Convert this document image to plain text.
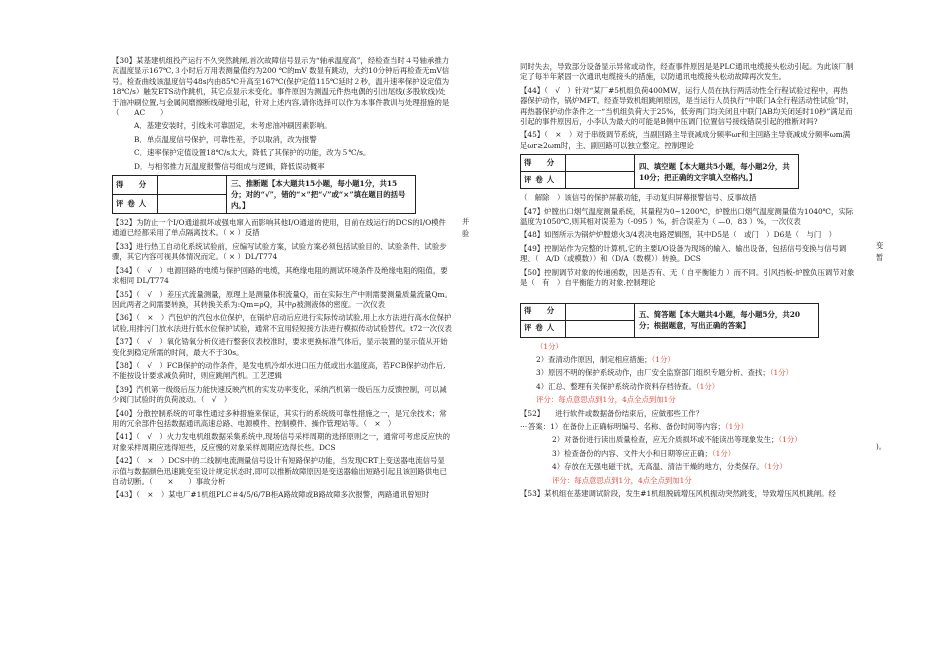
【30】某基建机组投产运行不久突然跳闸,首次故障信号显示为“轴承温度高”，经检查当时４号轴承推力瓦温度显示167℃,３小时后万用表测量值约为200 ℃的mV 数显有跳动，大约10分钟后再检查无mV信号。检查曲线该温度信号48s内由85℃升高至167℃(保护定值115℃延时２秒，温升速率保护设定值为18℃/s）触发ETS动作跳机，其它点显示未变化。事件原因为测温元件热电偶的引出尾线(多股软线)处于油冲刷位置,与金属间磨擦断线碰地引起，针对上述内容,请你选择可以作为本事件教训与处理措施的是（　　AC　　）

A．基建安装时，引线未可靠固定，未考虑油冲刷因素影响。

B．单点温度信号保护，可靠性差，予以取消，改为报警

C．速率保护定值设置18℃/s太大，降低了其保护的功能，改为５℃/s。

D．与相邻推力瓦温度报警信号组成与逻辑，降低误动概率

得　分		三、推断题【本大题共15小题，每小题1分，共15分；对的“√”，错的“×”把“√”或“×”填在题目的括号内。】
评卷人		

【32】为防止一个I/O通道损坏或强电窜入而影响其他I/O通道的使用，目前在线运行的DCS的I/O模件通道已经都采用了单点隔离技术。（ × ）反措

【33】进行热工自动化系统试验前，应编写试验方案，试验方案必须包括试验目的、试验条件、试验步骤，其它内容可视具体情况而定。（ × ）DL/T774

【34】（　√　）电源回路的电缆与保护回路的电缆，其绝缘电阻的测试环境条件及绝缘电阻的阻值，要求相同 DL/T774

【35】（　√　）差压式流量测量，原理上是测量体积流量Q，而在实际生产中则需要测量质量流量Qm。因此两者之间需要转换，其转换关系为:Qm=ρQ，其中ρ被测液体的密度。一次仪表

【36】（　×　）汽包炉的汽包水位保护，在锅炉启动后应进行实际传动试验,用上水方法进行高水位保护试验,用排污门放水法进行低水位保护试验，通常不宜用轻短接方法进行模拟传动试验替代。t72一次仪表

【37】（　√　）氧化锆氧分析仪进行整套仪表校准时，要求更换标准气体后，显示装置的显示值从开始变化到稳定所需的时间，最大不于30s。

【38】（　√　）FCB保护的动作条件，是发电机冷却水进口压力低或出水温度高，若FCB保护动作后,不能按设计要求减负荷时，则应跳闸汽机。工艺逻辑

【39】汽机第一级级后压力能快速反映汽机的实发功率变化，采纳汽机第一级后压力反馈控制，可以减少阀门试验时的负荷波动。（　√　）

【40】分散控制系统的可靠性通过多种措施来保证，其实行的系统级可靠性措施之一，是冗余技术；常用的冗余部件包括数据通讯高速总路、电源模件、控制模件、操作管理站等。（　×　）

【41】（　√　）火力发电机组数据采集系统中,现场信号采样周期的选择原则之一，通常可考虑反应快的对象采样周期应选得短些，反应慢的对象采样周期应选得长些。DCS

【42】（　×　）DCS中的二线制电流测量信号设计有短路保护功能，当发现CRT上变送器电流信号显示值与数据颜色迅速跳变至设计规定状态时,即可以推断故障原因是变送器输出短路引起且该回路供电已自动切断。（　　×　　）事故分析

【43】（　×　）某电厂#1机组PLC＃4/5/6/7B柜A路故障或B路故障多次报警，两路通讯曾短时

并 验

同时失去，导致部分设备显示异常或动作，经查事件原因是是PLC通讯电缆接头松动引起。为此该厂制定了每半年紧固一次通讯电缆接头的措施，以防通讯电缆接头松动故障再次发生。

【44】（　√　）针对“某厂#5机组负荷400MW，运行人员在执行两活动性全行程试验过程中，再热器保护动作，锅炉MFT。经查导致机组跳闸原因，是当运行人员执行“中联门A全行程活动性试验”时，再热器保护动作条件之一“当机组负荷大于25%，低旁两门均关闭且中联门AB均关闭延时10秒”满足而引起的事件原因后，小李认为最大的可能是B侧中压调门位置信号接线错误引起的推断对吗?

【45】（　×　）对于串级调节系统，当副回路主导衰减成分频率ωr和主回路主导衰减成分频率ωm满足ωr≥2ωm时，主、副回路可以独立整定。控制理论

得　分		四、填空题【本大题共5小题，每小题2分，共10分；把正确的文字填入空格内。】
评卷人		

（　解除　）该信号的保护屏蔽功能，手动复归屏幕报警信号、反事故措

【47】炉膛出口烟气温度测量系统，其量程为0~1200℃，炉膛出口烟气温度测量值为1040℃，实际温度为1050℃,则其相对误差为（-095 ）%，折合误差为（ —0．83 ）%，一次仪表

【48】如图所示为锅炉炉膛熄火3/4表决电路逻辑图，其中D5是（　或门　）D6是（　与门　）

【49】控制站作为完整的计算机,它的主要I/O设备为现场的输入、输出设备，包括信号变换与信号调理、（　A/D（或模数））和（D/A（数模））转换。DCS

【50】控制调节对象的传递函数，因是否有、无（ 自平衡能力 ）而不同。引风挡板-炉膛负压调节对象是（　有　）自平衡能力的对象.控制理论

得　分		五、简答题【本大题共4小题，每小题5分，共20分；根据题意，写出正确的答案】
评卷人		

（1分）

2）查清动作原因，制定相应措施；（1分）

3）原因不明的保护系统动作，由厂安全监察部门组织专题分析、查找；（1分）

4）汇总、整理有关保护系统动作资料存档待查。（1分）

评分：每点意思点到1分，4点全点到加1分

【52】　　进行软件或数据备份结束后，应做那些工作？

答案：1）在备份上正确标明编号、名称、备份时间等内容；（1分）

2）对备份进行读出质量检查，应无介质损坏或不能读出等现象发生；（1分）

3）检查备份的内容、文件大小和日期等应正确；（1分）

4）存放在无强电磁干扰，无高温、清洁干燥的地方，分类保存。（1分）

评分：每点意思点到1分，4点全点到加1分

【53】某机组在基建调试阶段，发生#1机组脱硫增压风机振动突然跳变，导致增压风机跳闸。经

变 暂
)。
…
